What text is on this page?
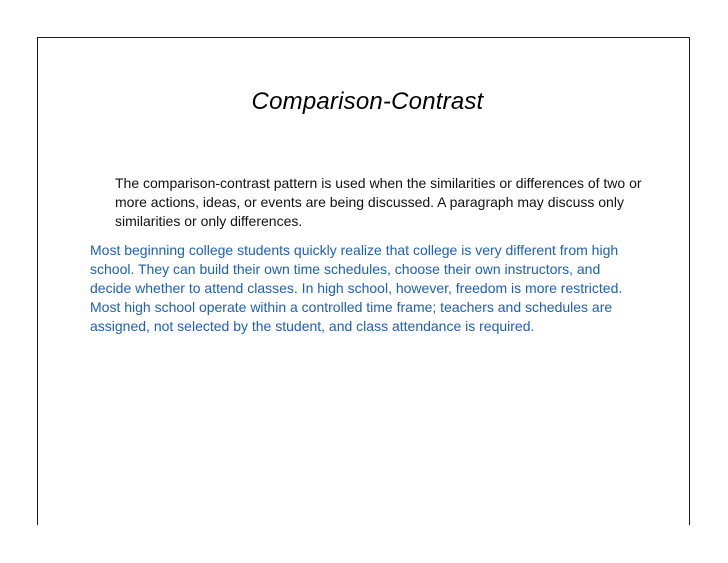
Comparison-Contrast

The comparison-contrast pattern is used when the similarities or differences of two or more actions, ideas, or events are being discussed. A paragraph may discuss only similarities or only differences.

Most beginning college students quickly realize that college is very different from high school. They can build their own time schedules, choose their own instructors, and decide whether to attend classes. In high school, however, freedom is more restricted. Most high school operate within a controlled time frame; teachers and schedules are assigned, not selected by the student, and class attendance is required.
